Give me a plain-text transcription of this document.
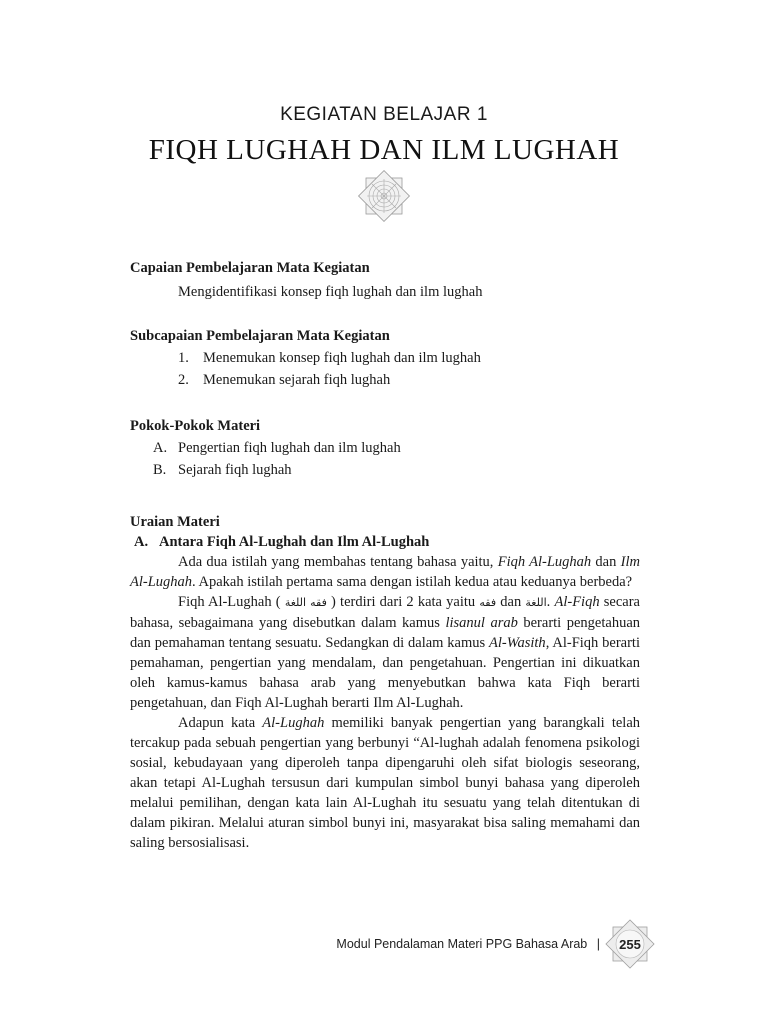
KEGIATAN BELAJAR 1
FIQH LUGHAH DAN ILM LUGHAH

Capaian Pembelajaran Mata Kegiatan

Mengidentifikasi konsep fiqh lughah dan ilm lughah

Subcapaian Pembelajaran Mata Kegiatan

1. Menemukan konsep fiqh lughah dan ilm lughah
2. Menemukan sejarah fiqh lughah

Pokok-Pokok Materi

A. Pengertian fiqh lughah dan ilm lughah
B. Sejarah fiqh lughah

Uraian Materi

A. Antara Fiqh Al-Lughah dan Ilm Al-Lughah

Ada dua istilah yang membahas tentang bahasa yaitu, Fiqh Al-Lughah dan Ilm Al-Lughah. Apakah istilah pertama sama dengan istilah kedua atau keduanya berbeda?

Fiqh Al-Lughah ( فقه اللغة ) terdiri dari 2 kata yaitu فقه dan اللغة. Al-Fiqh secara bahasa, sebagaimana yang disebutkan dalam kamus lisanul arab berarti pengetahuan dan pemahaman tentang sesuatu. Sedangkan di dalam kamus Al-Wasith, Al-Fiqh berarti pemahaman, pengertian yang mendalam, dan pengetahuan. Pengertian ini dikuatkan oleh kamus-kamus bahasa arab yang menyebutkan bahwa kata Fiqh berarti pengetahuan, dan Fiqh Al-Lughah berarti Ilm Al-Lughah.

Adapun kata Al-Lughah memiliki banyak pengertian yang barangkali telah tercakup pada sebuah pengertian yang berbunyi “Al-lughah adalah fenomena psikologi sosial, kebudayaan yang diperoleh tanpa dipengaruhi oleh sifat biologis seseorang, akan tetapi Al-Lughah tersusun dari kumpulan simbol bunyi bahasa yang diperoleh melalui pemilihan, dengan kata lain Al-Lughah itu sesuatu yang telah ditentukan di dalam pikiran. Melalui aturan simbol bunyi ini, masyarakat bisa saling memahami dan saling bersosialisasi.

Modul Pendalaman Materi PPG Bahasa Arab |	255
